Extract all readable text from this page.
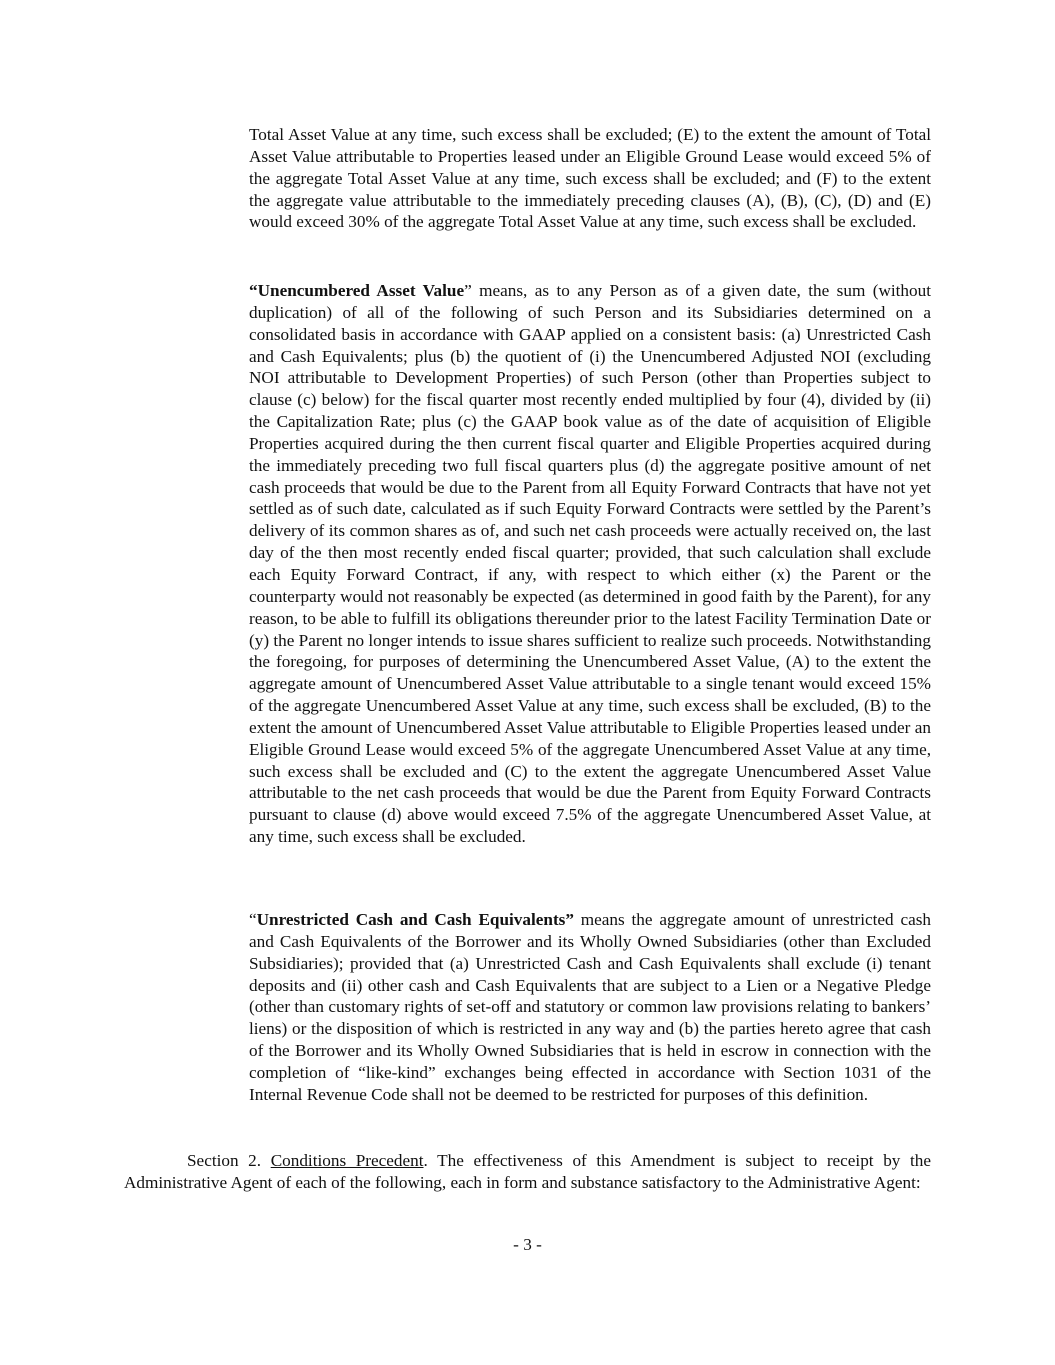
Total Asset Value at any time, such excess shall be excluded; (E) to the extent the amount of Total Asset Value attributable to Properties leased under an Eligible Ground Lease would exceed 5% of the aggregate Total Asset Value at any time, such excess shall be excluded; and (F) to the extent the aggregate value attributable to the immediately preceding clauses (A), (B), (C), (D) and (E) would exceed 30% of the aggregate Total Asset Value at any time, such excess shall be excluded.

“Unencumbered Asset Value” means, as to any Person as of a given date, the sum (without duplication) of all of the following of such Person and its Subsidiaries determined on a consolidated basis in accordance with GAAP applied on a consistent basis: (a) Unrestricted Cash and Cash Equivalents; plus (b) the quotient of (i) the Unencumbered Adjusted NOI (excluding NOI attributable to Development Properties) of such Person (other than Properties subject to clause (c) below) for the fiscal quarter most recently ended multiplied by four (4), divided by (ii) the Capitalization Rate; plus (c) the GAAP book value as of the date of acquisition of Eligible Properties acquired during the then current fiscal quarter and Eligible Properties acquired during the immediately preceding two full fiscal quarters plus (d) the aggregate positive amount of net cash proceeds that would be due to the Parent from all Equity Forward Contracts that have not yet settled as of such date, calculated as if such Equity Forward Contracts were settled by the Parent’s delivery of its common shares as of, and such net cash proceeds were actually received on, the last day of the then most recently ended fiscal quarter; provided, that such calculation shall exclude each Equity Forward Contract, if any, with respect to which either (x) the Parent or the counterparty would not reasonably be expected (as determined in good faith by the Parent), for any reason, to be able to fulfill its obligations thereunder prior to the latest Facility Termination Date or (y) the Parent no longer intends to issue shares sufficient to realize such proceeds. Notwithstanding the foregoing, for purposes of determining the Unencumbered Asset Value, (A) to the extent the aggregate amount of Unencumbered Asset Value attributable to a single tenant would exceed 15% of the aggregate Unencumbered Asset Value at any time, such excess shall be excluded, (B) to the extent the amount of Unencumbered Asset Value attributable to Eligible Properties leased under an Eligible Ground Lease would exceed 5% of the aggregate Unencumbered Asset Value at any time, such excess shall be excluded and (C) to the extent the aggregate Unencumbered Asset Value attributable to the net cash proceeds that would be due the Parent from Equity Forward Contracts pursuant to clause (d) above would exceed 7.5% of the aggregate Unencumbered Asset Value, at any time, such excess shall be excluded.

“Unrestricted Cash and Cash Equivalents” means the aggregate amount of unrestricted cash and Cash Equivalents of the Borrower and its Wholly Owned Subsidiaries (other than Excluded Subsidiaries); provided that (a) Unrestricted Cash and Cash Equivalents shall exclude (i) tenant deposits and (ii) other cash and Cash Equivalents that are subject to a Lien or a Negative Pledge (other than customary rights of set-off and statutory or common law provisions relating to bankers’ liens) or the disposition of which is restricted in any way and (b) the parties hereto agree that cash of the Borrower and its Wholly Owned Subsidiaries that is held in escrow in connection with the completion of “like-kind” exchanges being effected in accordance with Section 1031 of the Internal Revenue Code shall not be deemed to be restricted for purposes of this definition.

Section 2. Conditions Precedent. The effectiveness of this Amendment is subject to receipt by the Administrative Agent of each of the following, each in form and substance satisfactory to the Administrative Agent:

- 3 -
